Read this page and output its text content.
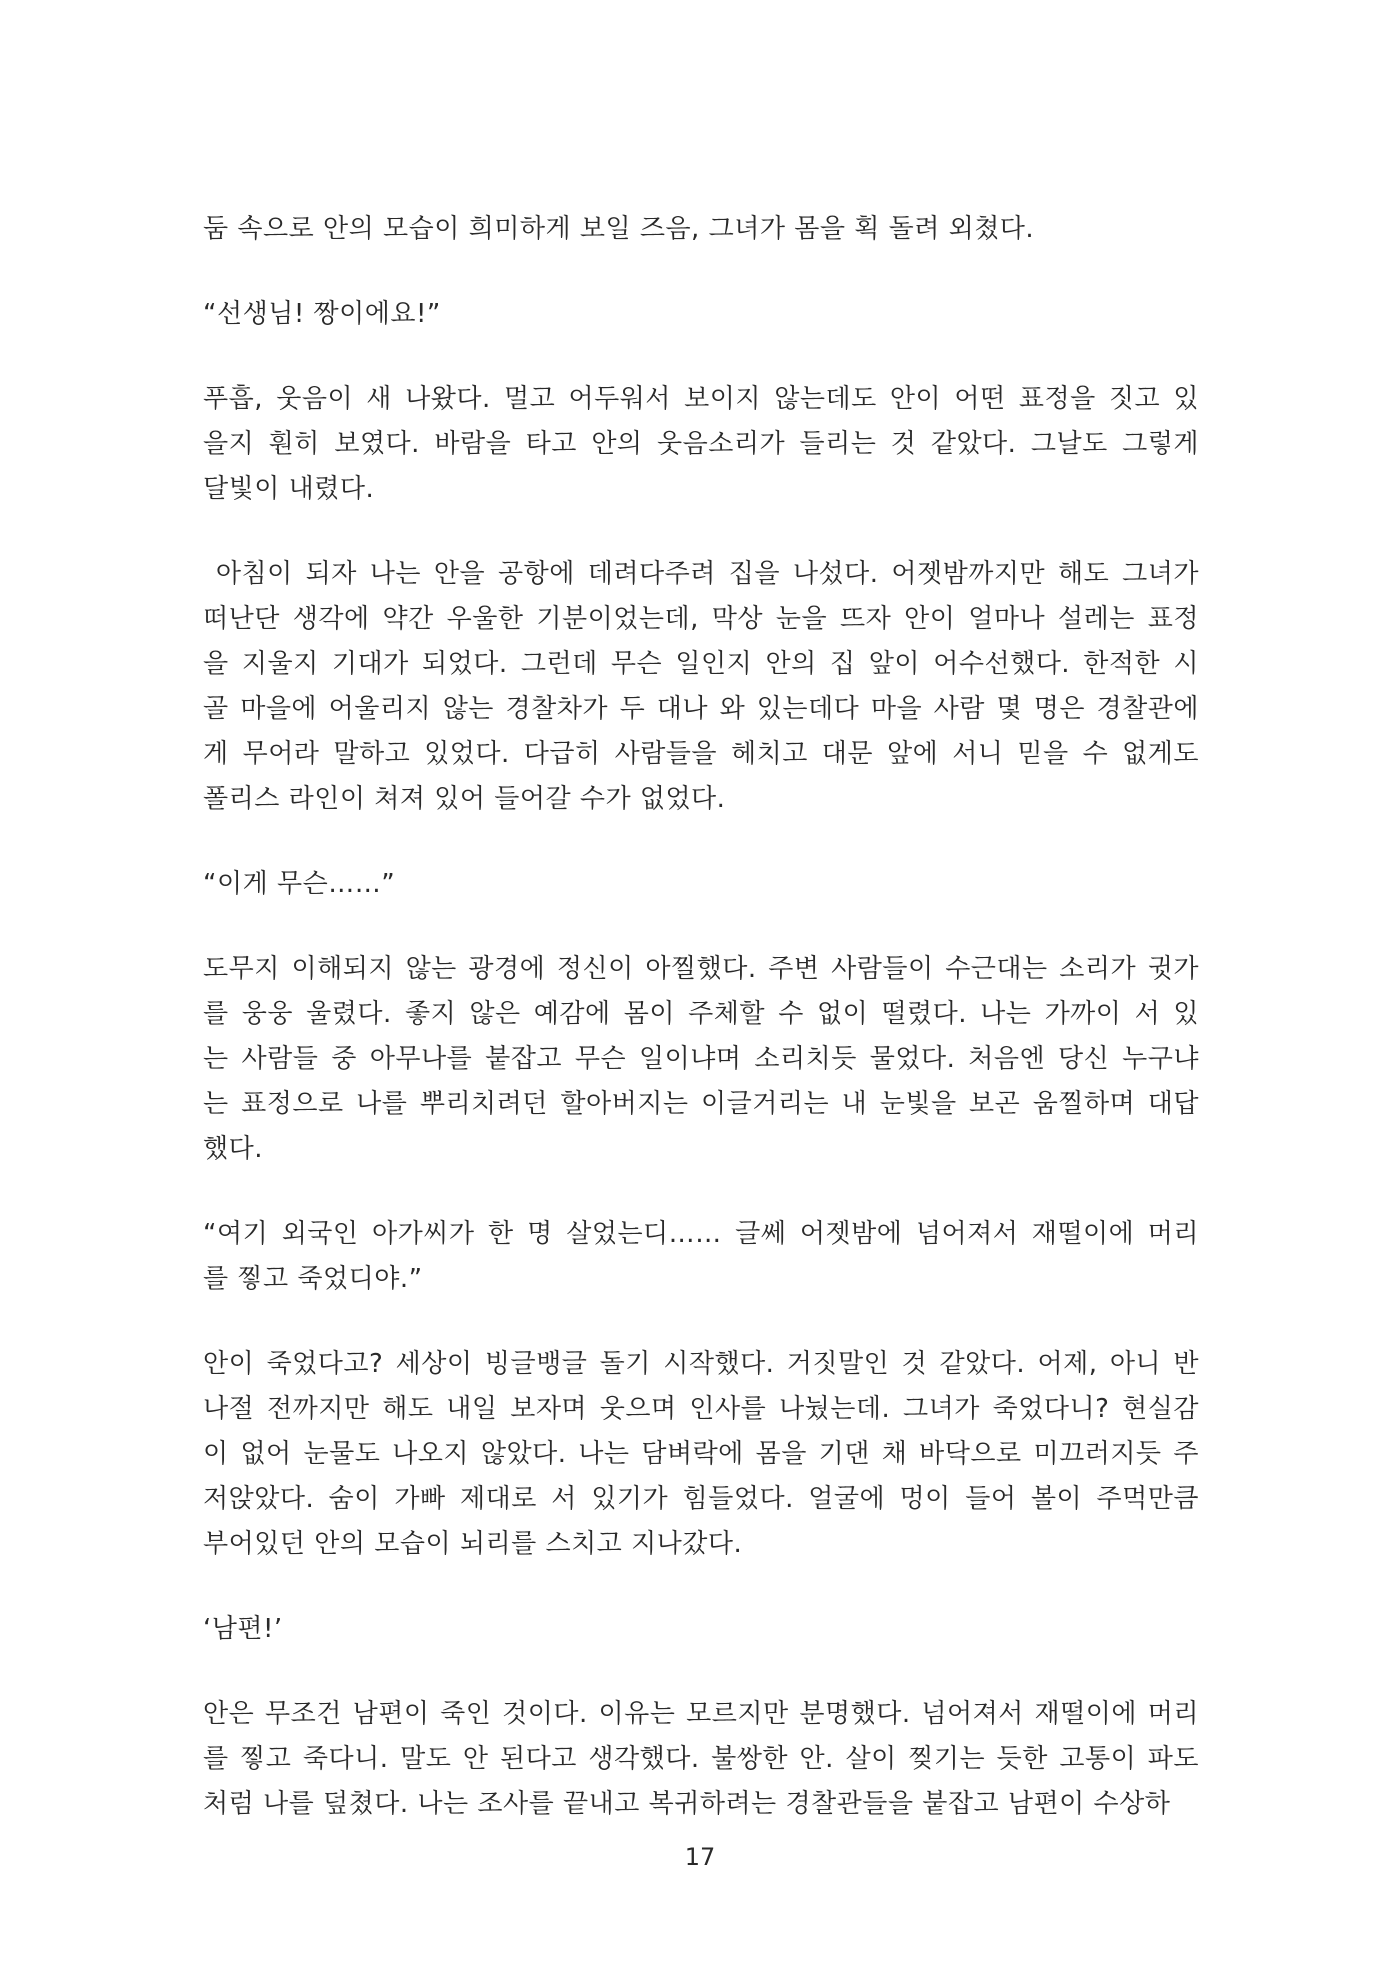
둠 속으로 안의 모습이 희미하게 보일 즈음, 그녀가 몸을 획 돌려 외쳤다.
“선생님! 짱이에요!”
푸흡, 웃음이 새 나왔다. 멀고 어두워서 보이지 않는데도 안이 어떤 표정을 짓고 있
을지 훤히 보였다. 바람을 타고 안의 웃음소리가 들리는 것 같았다. 그날도 그렇게
달빛이 내렸다.
아침이 되자 나는 안을 공항에 데려다주려 집을 나섰다. 어젯밤까지만 해도 그녀가
떠난단 생각에 약간 우울한 기분이었는데, 막상 눈을 뜨자 안이 얼마나 설레는 표정
을 지울지 기대가 되었다. 그런데 무슨 일인지 안의 집 앞이 어수선했다. 한적한 시
골 마을에 어울리지 않는 경찰차가 두 대나 와 있는데다 마을 사람 몇 명은 경찰관에
게 무어라 말하고 있었다. 다급히 사람들을 헤치고 대문 앞에 서니 믿을 수 없게도
폴리스 라인이 쳐져 있어 들어갈 수가 없었다.
“이게 무슨……”
도무지 이해되지 않는 광경에 정신이 아찔했다. 주변 사람들이 수근대는 소리가 귓가
를 웅웅 울렸다. 좋지 않은 예감에 몸이 주체할 수 없이 떨렸다. 나는 가까이 서 있
는 사람들 중 아무나를 붙잡고 무슨 일이냐며 소리치듯 물었다. 처음엔 당신 누구냐
는 표정으로 나를 뿌리치려던 할아버지는 이글거리는 내 눈빛을 보곤 움찔하며 대답
했다.
“여기 외국인 아가씨가 한 명 살었는디…… 글쎄 어젯밤에 넘어져서 재떨이에 머리
를 찧고 죽었디야.”
안이 죽었다고? 세상이 빙글뱅글 돌기 시작했다. 거짓말인 것 같았다. 어제, 아니 반
나절 전까지만 해도 내일 보자며 웃으며 인사를 나눴는데. 그녀가 죽었다니? 현실감
이 없어 눈물도 나오지 않았다. 나는 담벼락에 몸을 기댄 채 바닥으로 미끄러지듯 주
저앉았다. 숨이 가빠 제대로 서 있기가 힘들었다. 얼굴에 멍이 들어 볼이 주먹만큼
부어있던 안의 모습이 뇌리를 스치고 지나갔다.
‘남편!’
안은 무조건 남편이 죽인 것이다. 이유는 모르지만 분명했다. 넘어져서 재떨이에 머리
를 찧고 죽다니. 말도 안 된다고 생각했다. 불쌍한 안. 살이 찢기는 듯한 고통이 파도
처럼 나를 덮쳤다. 나는 조사를 끝내고 복귀하려는 경찰관들을 붙잡고 남편이 수상하
17
